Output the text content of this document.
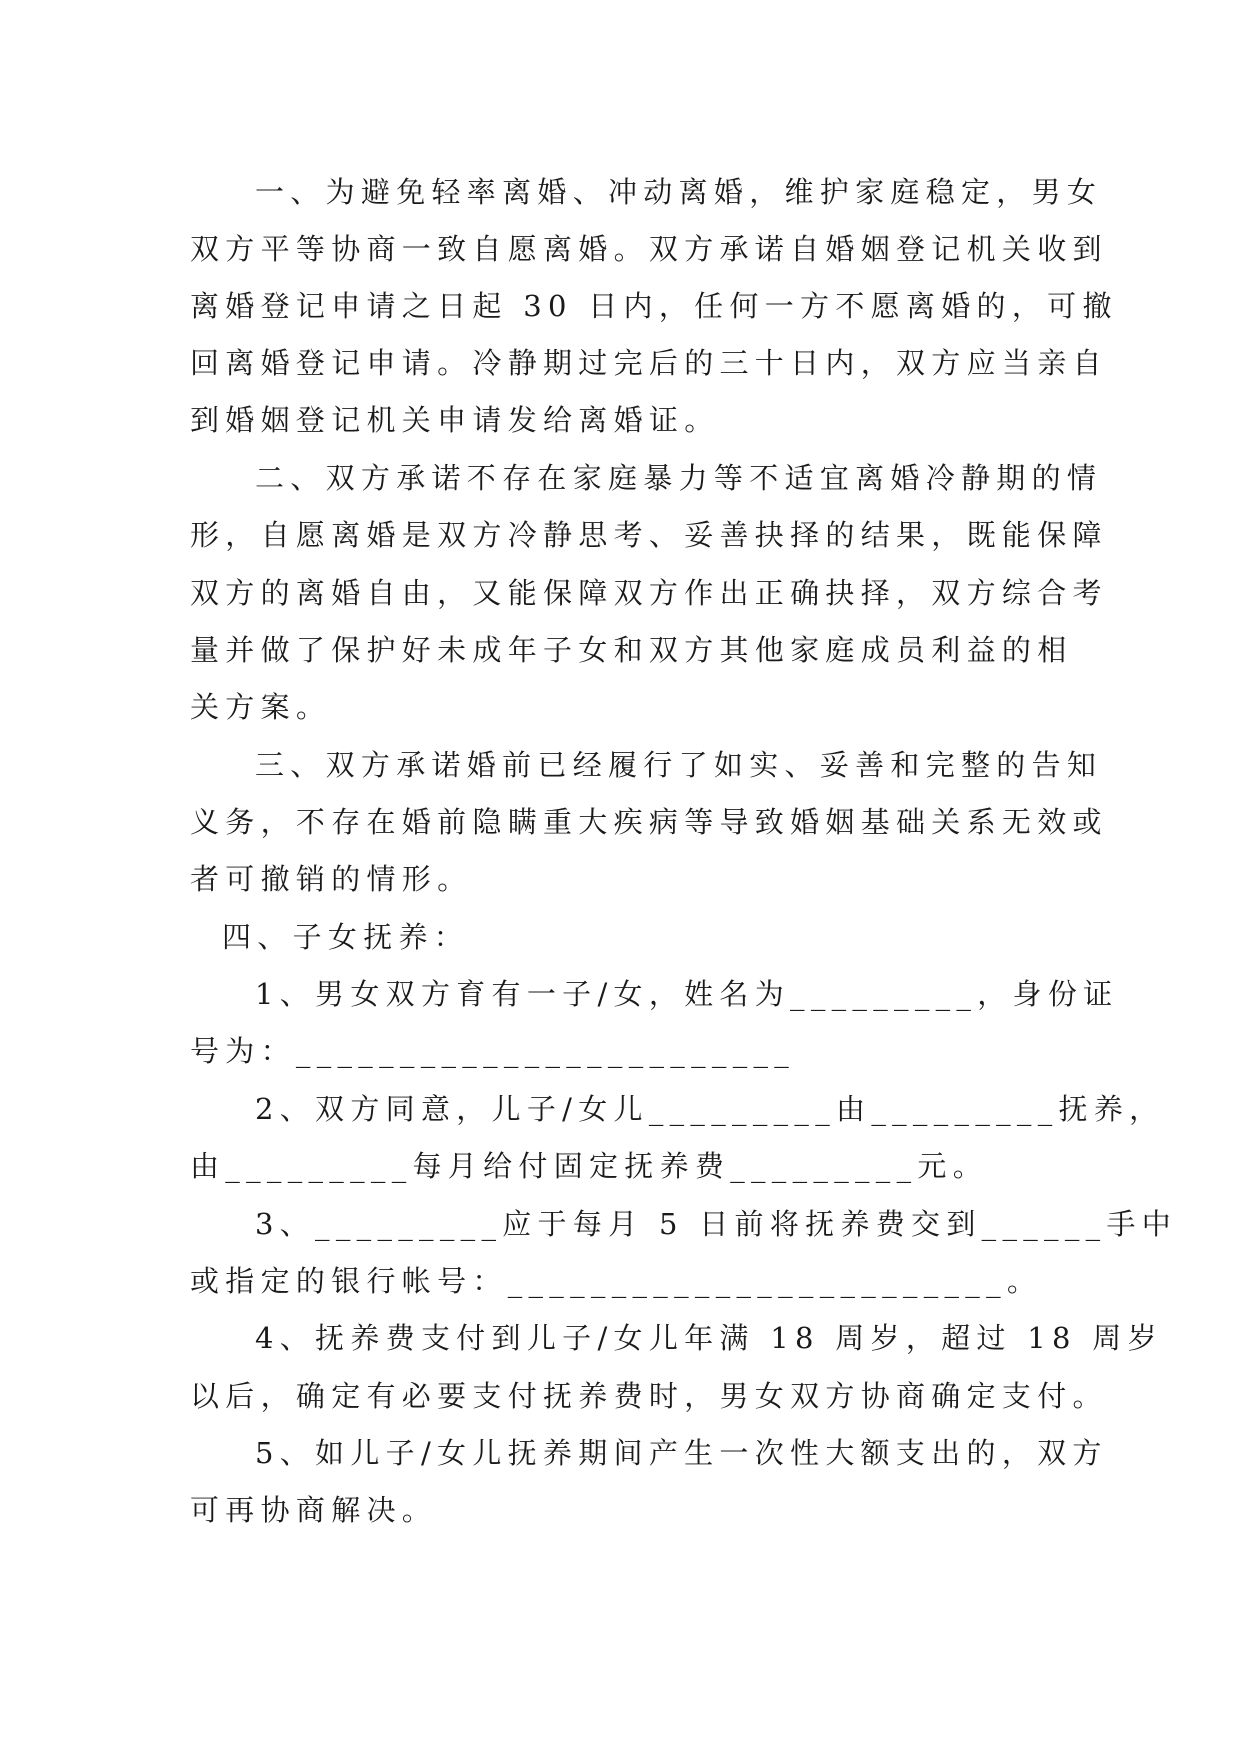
一、为避免轻率离婚、冲动离婚，维护家庭稳定，男女
双方平等协商一致自愿离婚。双方承诺自婚姻登记机关收到
离婚登记申请之日起 30 日内，任何一方不愿离婚的，可撤
回离婚登记申请。冷静期过完后的三十日内，双方应当亲自
到婚姻登记机关申请发给离婚证。
二、双方承诺不存在家庭暴力等不适宜离婚冷静期的情
形，自愿离婚是双方冷静思考、妥善抉择的结果，既能保障
双方的离婚自由，又能保障双方作出正确抉择，双方综合考
量并做了保护好未成年子女和双方其他家庭成员利益的相
关方案。
三、双方承诺婚前已经履行了如实、妥善和完整的告知
义务，不存在婚前隐瞒重大疾病等导致婚姻基础关系无效或
者可撤销的情形。
四、子女抚养：
1、男女双方育有一子/女，姓名为_________，身份证
号为：________________________
2、双方同意，儿子/女儿_________由_________抚养，
由_________每月给付固定抚养费_________元。
3、_________应于每月 5 日前将抚养费交到______手中
或指定的银行帐号：________________________。
4、抚养费支付到儿子/女儿年满 18 周岁，超过 18 周岁
以后，确定有必要支付抚养费时，男女双方协商确定支付。
5、如儿子/女儿抚养期间产生一次性大额支出的，双方
可再协商解决。
